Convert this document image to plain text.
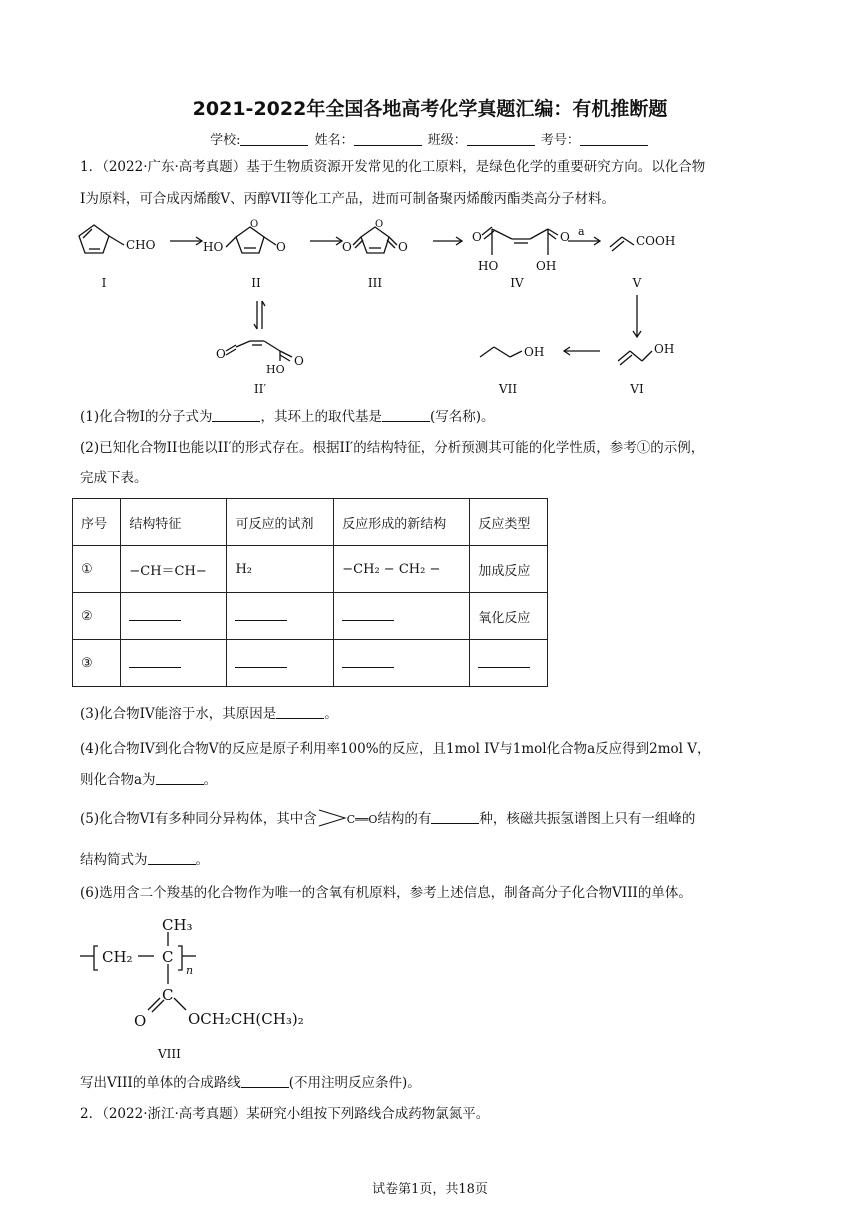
2021-2022年全国各地高考化学真题汇编：有机推断题
学校:	姓名：	班级：	考号：
1．（2022·广东·高考真题）基于生物质资源开发常见的化工原料，是绿色化学的重要研究方向。以化合物
I为原料，可合成丙烯酸V、丙醇VII等化工产品，进而可制备聚丙烯酸丙酯类高分子材料。
CHO	HO
O
O	O
O
O
O
HO
O
OH
a
COOH
O
HO
O
OH
OH
I	II	III	IV	V
II′	VI
VII
(1)化合物I的分子式为	，其环上的取代基是	(写名称)。
(2)已知化合物II也能以II′的形式存在。根据II′的结构特征，分析预测其可能的化学性质，参考①的示例，
完成下表。
序号	结构特征	可反应的试剂	反应形成的新结构	反应类型
①	−CH＝CH−	H₂	−CH₂ − CH₂ −	加成反应
②				氧化反应
③				
(3)化合物IV能溶于水，其原因是	。
(4)化合物IV到化合物V的反应是原子利用率100%的反应，且1mol IV与1mol化合物a反应得到2mol V，
则化合物a为	。
(5)化合物VI有多种同分异构体，其中含	C══O结构的有	种，核磁共振氢谱图上只有一组峰的
结构简式为	。
(6)选用含二个羧基的化合物作为唯一的含氧有机原料，参考上述信息，制备高分子化合物VIII的单体。
CH₃
CH₂ C
n
C
O	OCH₂CH(CH₃)₂
VIII
写出VIII的单体的合成路线	(不用注明反应条件)。
2．（2022·浙江·高考真题）某研究小组按下列路线合成药物氯氮平。
试卷第1页，共18页
